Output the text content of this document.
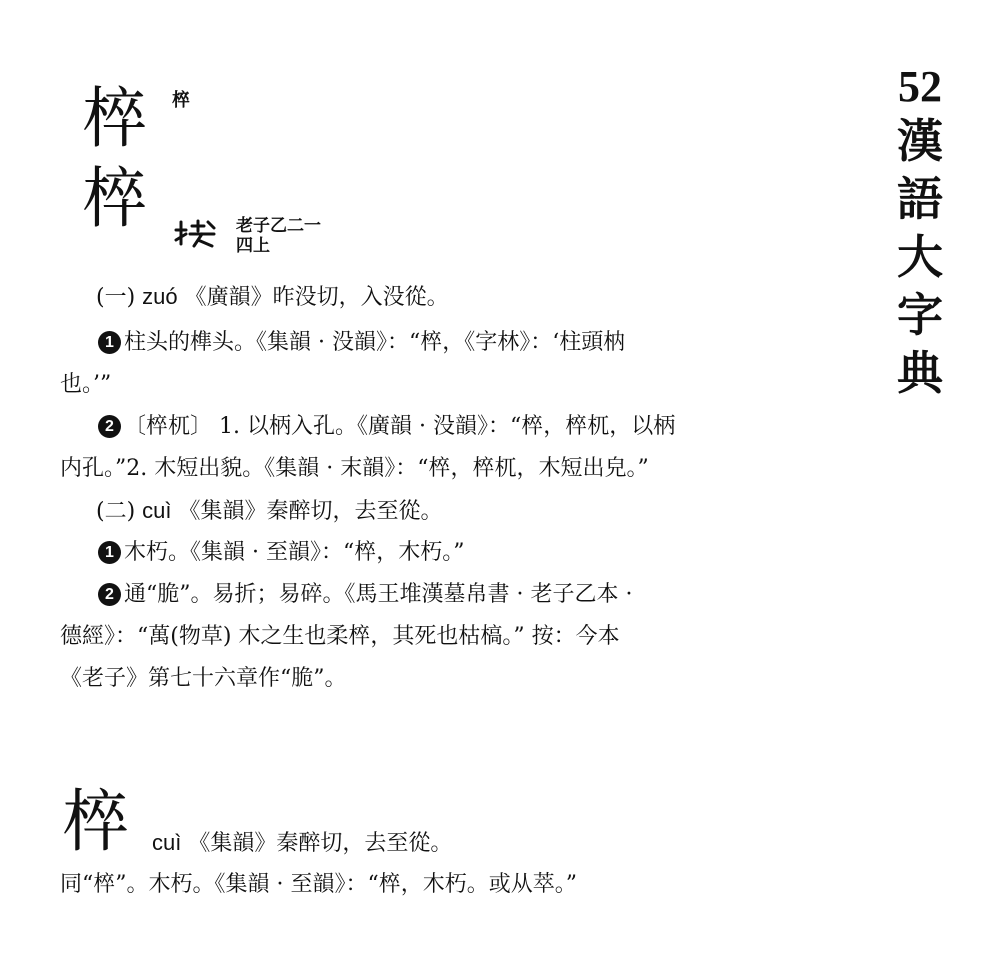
52
漢
語
大
字
典
椊 椊
椊	老子乙二一
四上
(一) zuó 《廣韻》昨没切，入没從。
1 柱头的榫头。《集韻 · 没韻》：“椊，《字林》：‘柱頭枘
也。’”
2 〔椊杌〕 1. 以柄入孔。《廣韻 · 没韻》：“椊，椊杌，以柄
内孔。”2. 木短出貌。《集韻 · 末韻》：“椊，椊杌，木短出皃。”
(二) cuì 《集韻》秦醉切，去至從。
1 木朽。《集韻 · 至韻》：“椊，木朽。”
2 通“脆”。易折；易碎。《馬王堆漢墓帛書 · 老子乙本 ·
德經》：“萬(物草) 木之生也柔椊，其死也枯槁。” 按：今本
《老子》第七十六章作“脆”。
椊 cuì 《集韻》秦醉切，去至從。
同“椊”。木朽。《集韻 · 至韻》：“椊，木朽。或从萃。”
